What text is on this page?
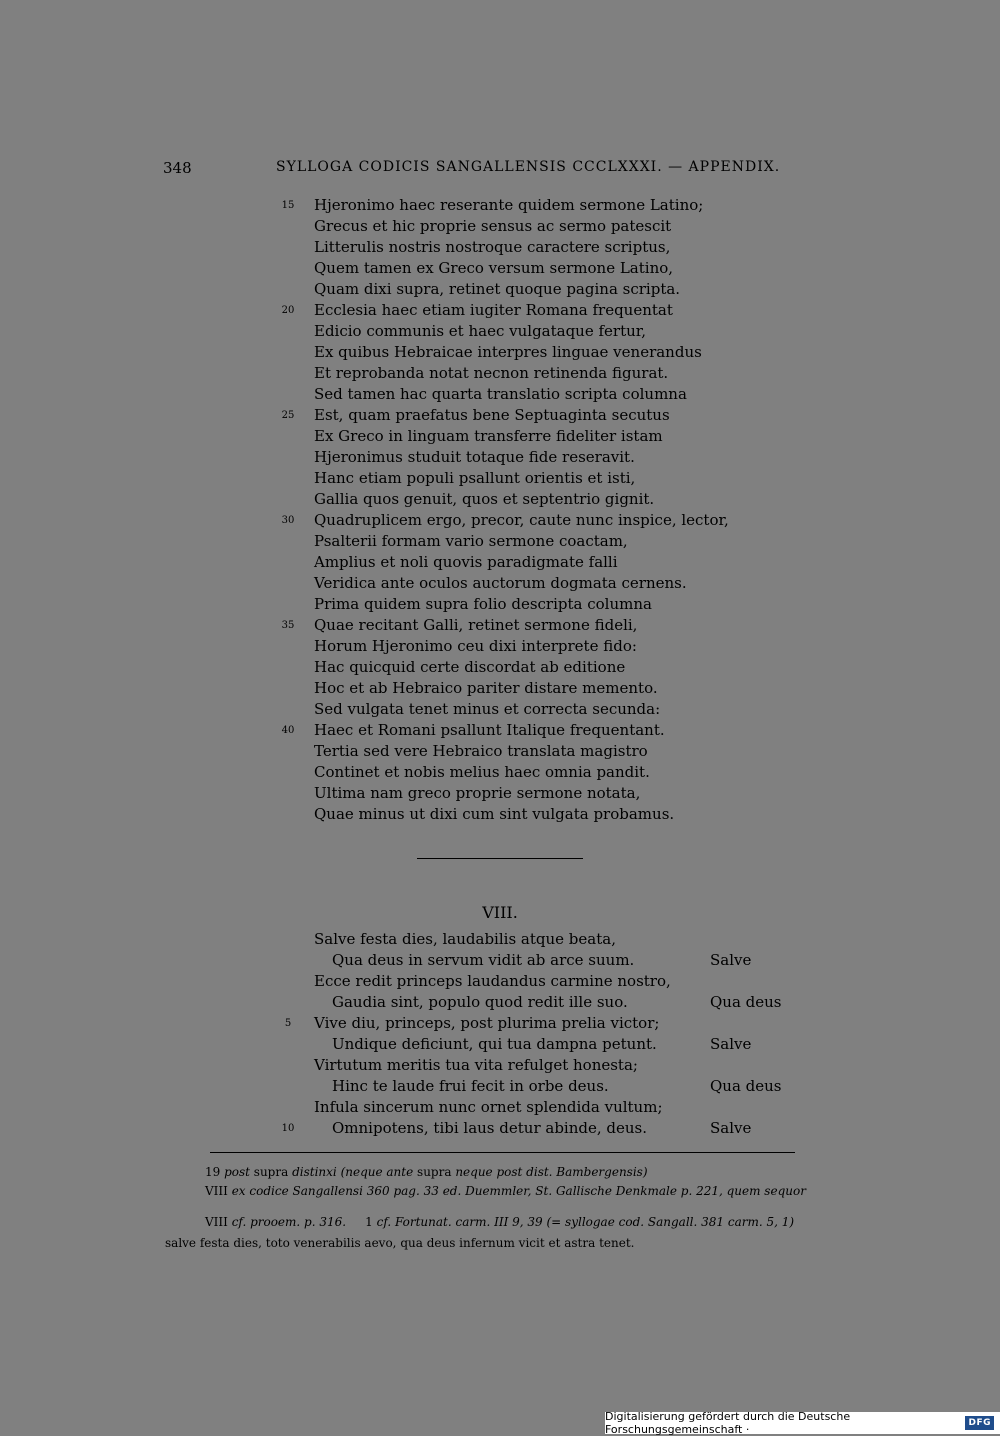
348	SYLLOGA CODICIS SANGALLENSIS CCCLXXXI. — APPENDIX.
15 Hjeronimo haec reserante quidem sermone Latino;
Grecus et hic proprie sensus ac sermo patescit
Litterulis nostris nostroque caractere scriptus,
Quem tamen ex Greco versum sermone Latino,
Quam dixi supra, retinet quoque pagina scripta.
20 Ecclesia haec etiam iugiter Romana frequentat
Edicio communis et haec vulgataque fertur,
Ex quibus Hebraicae interpres linguae venerandus
Et reprobanda notat necnon retinenda figurat.
Sed tamen hac quarta translatio scripta columna
25 Est, quam praefatus bene Septuaginta secutus
Ex Greco in linguam transferre fideliter istam
Hjeronimus studuit totaque fide reseravit.
Hanc etiam populi psallunt orientis et isti,
Gallia quos genuit, quos et septentrio gignit.
30 Quadruplicem ergo, precor, caute nunc inspice, lector,
Psalterii formam vario sermone coactam,
Amplius et noli quovis paradigmate falli
Veridica ante oculos auctorum dogmata cernens.
Prima quidem supra folio descripta columna
35 Quae recitant Galli, retinet sermone fideli,
Horum Hjeronimo ceu dixi interprete fido:
Hac quicquid certe discordat ab editione
Hoc et ab Hebraico pariter distare memento.
Sed vulgata tenet minus et correcta secunda:
40 Haec et Romani psallunt Italique frequentant.
Tertia sed vere Hebraico translata magistro
Continet et nobis melius haec omnia pandit.
Ultima nam greco proprie sermone notata,
Quae minus ut dixi cum sint vulgata probamus.
VIII.
Salve festa dies, laudabilis atque beata,
Qua deus in servum vidit ab arce suum.	Salve
Ecce redit princeps laudandus carmine nostro,
Gaudia sint, populo quod redit ille suo.	Qua deus
5	Vive diu, princeps, post plurima prelia victor;
Undique deficiunt, qui tua dampna petunt.	Salve
Virtutum meritis tua vita refulget honesta;
Hinc te laude frui fecit in orbe deus.	Qua deus
Infula sincerum nunc ornet splendida vultum;
10	Omnipotens, tibi laus detur abinde, deus.	Salve
19 post supra distinxi (neque ante supra neque post dist. Bambergensis)
VIII ex codice Sangallensi 360 pag. 33 ed. Duemmler, St. Gallische Denkmale p. 221, quem sequor
VIII cf. prooem. p. 316.     1 cf. Fortunat. carm. III 9, 39 (= syllogae cod. Sangall. 381 carm. 5, 1)
salve festa dies, toto venerabilis aevo, qua deus infernum vicit et astra tenet.
Digitalisierung gefördert durch die Deutsche Forschungsgemeinschaft ·	DFG
